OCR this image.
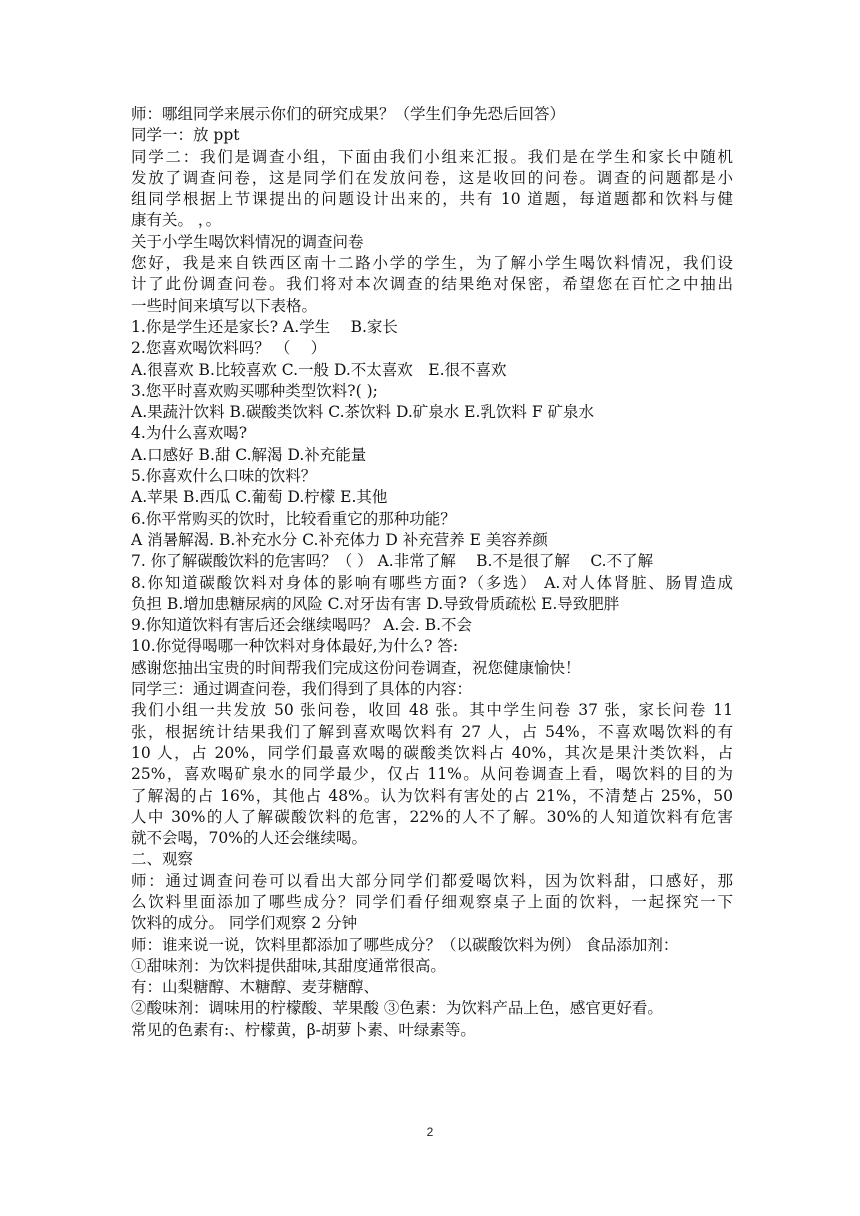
师：哪组同学来展示你们的研究成果？（学生们争先恐后回答）
同学一：放 ppt
同学二：我们是调查小组，下面由我们小组来汇报。我们是在学生和家长中随机
发放了调查问卷，这是同学们在发放问卷，这是收回的问卷。调查的问题都是小
组同学根据上节课提出的问题设计出来的，共有 10 道题，每道题都和饮料与健
康有关。 ，。
关于小学生喝饮料情况的调查问卷
您好，我是来自铁西区南十二路小学的学生，为了解小学生喝饮料情况，我们设
计了此份调查问卷。我们将对本次调查的结果绝对保密，希望您在百忙之中抽出
一些时间来填写以下表格。
1.你是学生还是家长? A.学生　 B.家长
2.您喜欢喝饮料吗？ （　 ）
A.很喜欢 B.比较喜欢 C.一般 D.不太喜欢　E.很不喜欢
3.您平时喜欢购买哪种类型饮料?( );
A.果蔬汁饮料 B.碳酸类饮料 C.茶饮料 D.矿泉水 E.乳饮料 F 矿泉水
4.为什么喜欢喝?
A.口感好 B.甜 C.解渴 D.补充能量
5.你喜欢什么口味的饮料？
A.苹果 B.西瓜 C.葡萄 D.柠檬 E.其他
6.你平常购买的饮时，比较看重它的那种功能？
A 消暑解渴. B.补充水分 C.补充体力 D 补充营养 E 美容养颜
7. 你了解碳酸饮料的危害吗？（ ） A.非常了解　 B.不是很了解　 C.不了解
8.你知道碳酸饮料对身体的影响有哪些方面?（多选） A.对人体肾脏、肠胃造成
负担 B.增加患糖尿病的风险 C.对牙齿有害 D.导致骨质疏松 E.导致肥胖
9.你知道饮料有害后还会继续喝吗？ A.会. B.不会
10.你觉得喝哪一种饮料对身体最好,为什么? 答:
感谢您抽出宝贵的时间帮我们完成这份问卷调查，祝您健康愉快！
同学三：通过调查问卷，我们得到了具体的内容：
我们小组一共发放 50 张问卷，收回 48 张。其中学生问卷 37 张，家长问卷 11
张，根据统计结果我们了解到喜欢喝饮料有 27 人，占 54%，不喜欢喝饮料的有
10 人，占 20%，同学们最喜欢喝的碳酸类饮料占 40%，其次是果汁类饮料，占
25%，喜欢喝矿泉水的同学最少，仅占 11%。从问卷调查上看，喝饮料的目的为
了解渴的占 16%，其他占 48%。认为饮料有害处的占 21%，不清楚占 25%，50
人中 30%的人了解碳酸饮料的危害，22%的人不了解。30%的人知道饮料有危害
就不会喝，70%的人还会继续喝。
二、观察
师：通过调查问卷可以看出大部分同学们都爱喝饮料，因为饮料甜，口感好，那
么饮料里面添加了哪些成分？同学们看仔细观察桌子上面的饮料，一起探究一下
饮料的成分。 同学们观察 2 分钟
师：谁来说一说，饮料里都添加了哪些成分？（以碳酸饮料为例） 食品添加剂：
①甜味剂：为饮料提供甜味,其甜度通常很高。
有：山梨糖醇、木糖醇、麦芽糖醇、
②酸味剂：调味用的柠檬酸、苹果酸 ③色素：为饮料产品上色，感官更好看。
常见的色素有:、柠檬黄，β-胡萝卜素、叶绿素等。
2
